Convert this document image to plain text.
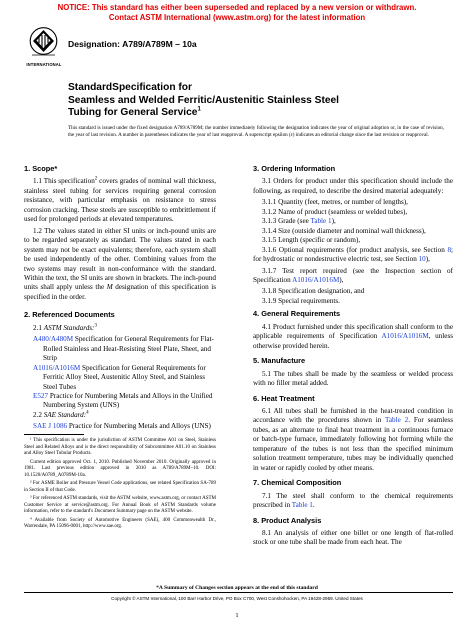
NOTICE: This standard has either been superseded and replaced by a new version or withdrawn.
Contact ASTM International (www.astm.org) for the latest information
INTERNATIONAL
Designation: A789/A789M – 10a
StandardSpecification for
Seamless and Welded Ferritic/Austenitic Stainless Steel
Tubing for General Service$^1$
This standard is issued under the fixed designation A789/A789M; the number immediately following the designation indicates the year of original adoption or, in the case of revision, the year of last revision. A number in parentheses indicates the year of last reapproval. A superscript epsilon (ε) indicates an editorial change since the last revision or reapproval.
1. Scope*
1.1 This specification$^2$ covers grades of nominal wall thickness, stainless steel tubing for services requiring general corrosion resistance, with particular emphasis on resistance to stress corrosion cracking. These steels are susceptible to embrittlement if used for prolonged periods at elevated temperatures.
1.2 The values stated in either SI units or inch-pound units are to be regarded separately as standard. The values stated in each system may not be exact equivalents; therefore, each system shall be used independently of the other. Combining values from the two systems may result in non-conformance with the standard. Within the text, the SI units are shown in brackets. The inch-pound units shall apply unless the M designation of this specification is specified in the order.
2. Referenced Documents
2.1 ASTM Standards:$^3$
A480/A480M Specification for General Requirements for Flat-Rolled Stainless and Heat-Resisting Steel Plate, Sheet, and Strip
A1016/A1016M Specification for General Requirements for Ferritic Alloy Steel, Austenitic Alloy Steel, and Stainless Steel Tubes
E527 Practice for Numbering Metals and Alloys in the Unified Numbering System (UNS)
2.2 SAE Standard:$^4$
SAE J 1086 Practice for Numbering Metals and Alloys (UNS)
¹ This specification is under the jurisdiction of ASTM Committee A01 on Steel, Stainless Steel and Related Alloys and is the direct responsibility of Subcommittee A01.10 on Stainless and Alloy Steel Tubular Products.
Current edition approved Oct. 1, 2010. Published November 2010. Originally approved in 1981. Last previous edition approved in 2010 as A789/A789M–10. DOI: 10.1520/A0789_A0789M-10a.
² For ASME Boiler and Pressure Vessel Code applications, see related Specification SA-789 in Section II of that Code.
³ For referenced ASTM standards, visit the ASTM website, www.astm.org, or contact ASTM Customer Service at service@astm.org. For Annual Book of ASTM Standards volume information, refer to the standard's Document Summary page on the ASTM website.
⁴ Available from Society of Automotive Engineers (SAE), 400 Commonwealth Dr., Warrendale, PA 15096-0001, http://www.sae.org.
3. Ordering Information
3.1 Orders for product under this specification should include the following, as required, to describe the desired material adequately:
3.1.1 Quantity (feet, metres, or number of lengths),
3.1.2 Name of product (seamless or welded tubes),
3.1.3 Grade (see Table 1),
3.1.4 Size (outside diameter and nominal wall thickness),
3.1.5 Length (specific or random),
3.1.6 Optional requirements (for product analysis, see Section 8; for hydrostatic or nondestructive electric test, see Section 10),
3.1.7 Test report required (see the Inspection section of Specification A1016/A1016M),
3.1.8 Specification designation, and
3.1.9 Special requirements.
4. General Requirements
4.1 Product furnished under this specification shall conform to the applicable requirements of Specification A1016/A1016M, unless otherwise provided herein.
5. Manufacture
5.1 The tubes shall be made by the seamless or welded process with no filler metal added.
6. Heat Treatment
6.1 All tubes shall be furnished in the heat-treated condition in accordance with the procedures shown in Table 2. For seamless tubes, as an alternate to final heat treatment in a continuous furnace or batch-type furnace, immediately following hot forming while the temperature of the tubes is not less than the specified minimum solution treatment temperature, tubes may be individually quenched in water or rapidly cooled by other means.
7. Chemical Composition
7.1 The steel shall conform to the chemical requirements prescribed in Table 1.
8. Product Analysis
8.1 An analysis of either one billet or one length of flat-rolled stock or one tube shall be made from each heat. The
*A Summary of Changes section appears at the end of this standard
Copyright © ASTM International, 100 Barr Harbor Drive, PO Box C700, West Conshohocken, PA 19428-2959. United States
1
